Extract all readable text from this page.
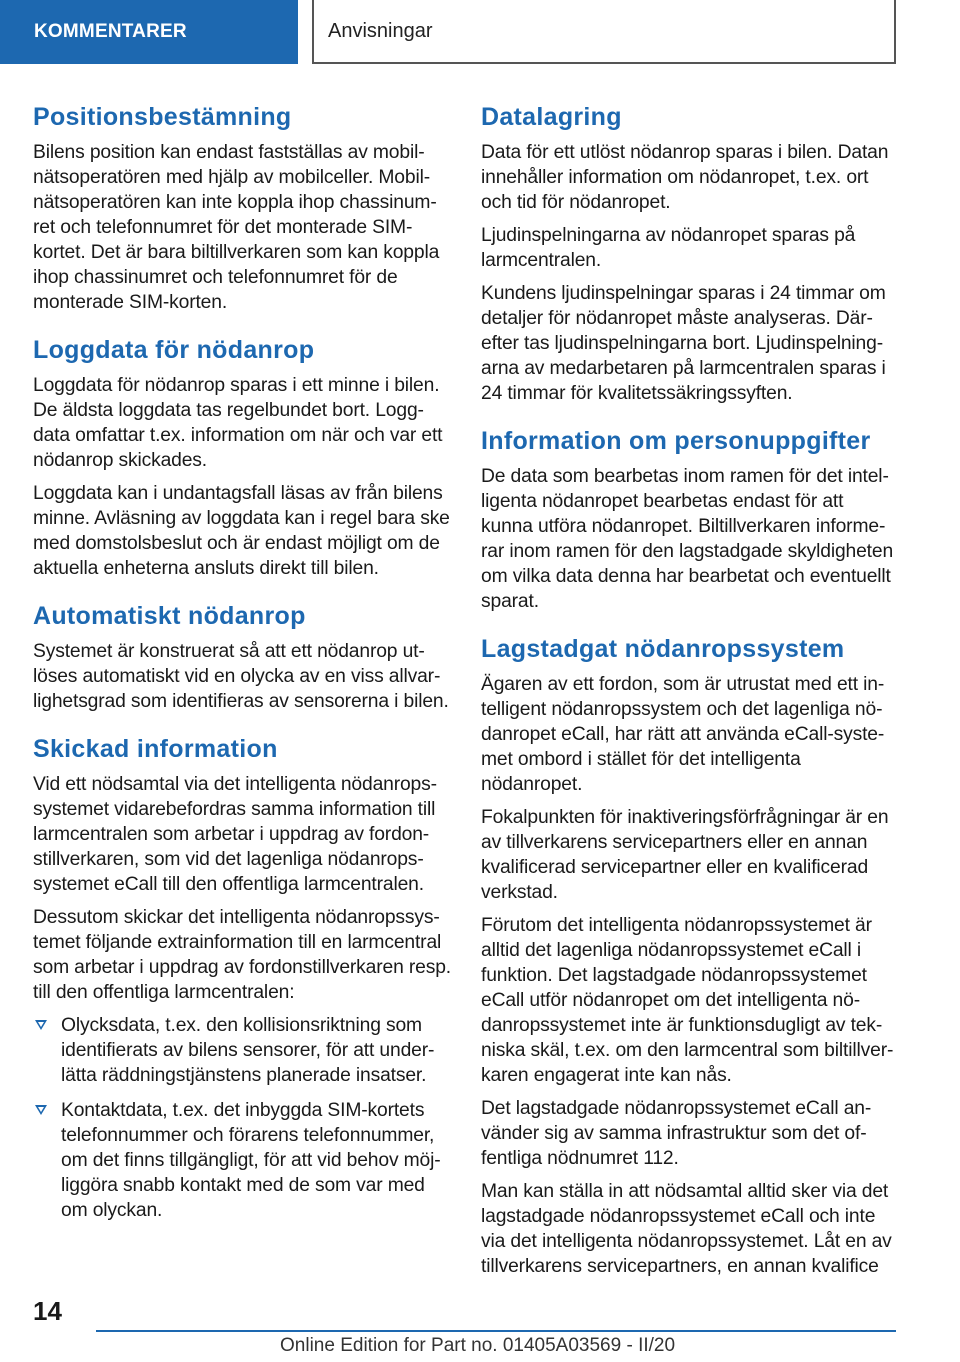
KOMMENTARER	Anvisningar
Positionsbestämning

Bilens position kan endast fastställas av mobilnätsoperatören med hjälp av mobilceller. Mobilnätsoperatören kan inte koppla ihop chassinumret och telefonnumret för det monterade SIM-kortet. Det är bara biltillverkaren som kan koppla ihop chassinumret och telefonnumret för de monterade SIM-korten.

Loggdata för nödanrop

Loggdata för nödanrop sparas i ett minne i bilen. De äldsta loggdata tas regelbundet bort. Loggdata omfattar t.ex. information om när och var ett nödanrop skickades.

Loggdata kan i undantagsfall läsas av från bilens minne. Avläsning av loggdata kan i regel bara ske med domstolsbeslut och är endast möjligt om de aktuella enheterna ansluts direkt till bilen.

Automatiskt nödanrop

Systemet är konstruerat så att ett nödanrop utlöses automatiskt vid en olycka av en viss allvarlighetsgrad som identifieras av sensorerna i bilen.

Skickad information

Vid ett nödsamtal via det intelligenta nödanropssystemet vidarebefordras samma information till larmcentralen som arbetar i uppdrag av fordonstillverkaren, som vid det lagenliga nödanropssystemet eCall till den offentliga larmcentralen.

Dessutom skickar det intelligenta nödanropssystemet följande extrainformation till en larmcentral som arbetar i uppdrag av fordonstillverkaren resp. till den offentliga larmcentralen:

Olycksdata, t.ex. den kollisionsriktning som identifierats av bilens sensorer, för att underlätta räddningstjänstens planerade insatser.
Kontaktdata, t.ex. det inbyggda SIM-kortets telefonnummer och förarens telefonnummer, om det finns tillgängligt, för att vid behov möjliggöra snabb kontakt med de som var med om olyckan.
Datalagring

Data för ett utlöst nödanrop sparas i bilen. Datan innehåller information om nödanropet, t.ex. ort och tid för nödanropet.

Ljudinspelningarna av nödanropet sparas på larmcentralen.

Kundens ljudinspelningar sparas i 24 timmar om detaljer för nödanropet måste analyseras. Därefter tas ljudinspelningarna bort. Ljudinspelningarna av medarbetaren på larmcentralen sparas i 24 timmar för kvalitetssäkringssyften.

Information om personuppgifter

De data som bearbetas inom ramen för det intelligenta nödanropet bearbetas endast för att kunna utföra nödanropet. Biltillverkaren informerar inom ramen för den lagstadgade skyldigheten om vilka data denna har bearbetat och eventuellt sparat.

Lagstadgat nödanropssystem

Ägaren av ett fordon, som är utrustat med ett intelligent nödanropssystem och det lagenliga nödanropet eCall, har rätt att använda eCall-systemet ombord i stället för det intelligenta nödanropet.

Fokalpunkten för inaktiveringsförfrågningar är en av tillverkarens servicepartners eller en annan kvalificerad servicepartner eller en kvalificerad verkstad.

Förutom det intelligenta nödanropssystemet är alltid det lagenliga nödanropssystemet eCall i funktion. Det lagstadgade nödanropssystemet eCall utför nödanropet om det intelligenta nödanropssystemet inte är funktionsdugligt av tekniska skäl, t.ex. om den larmcentral som biltillverkaren engagerat inte kan nås.

Det lagstadgade nödanropssystemet eCall använder sig av samma infrastruktur som det offentliga nödnumret 112.

Man kan ställa in att nödsamtal alltid sker via det lagstadgade nödanropssystemet eCall och inte via det intelligenta nödanropssystemet. Låt en av tillverkarens servicepartners, en annan kvalifice

14
Online Edition for Part no. 01405A03569 - II/20
